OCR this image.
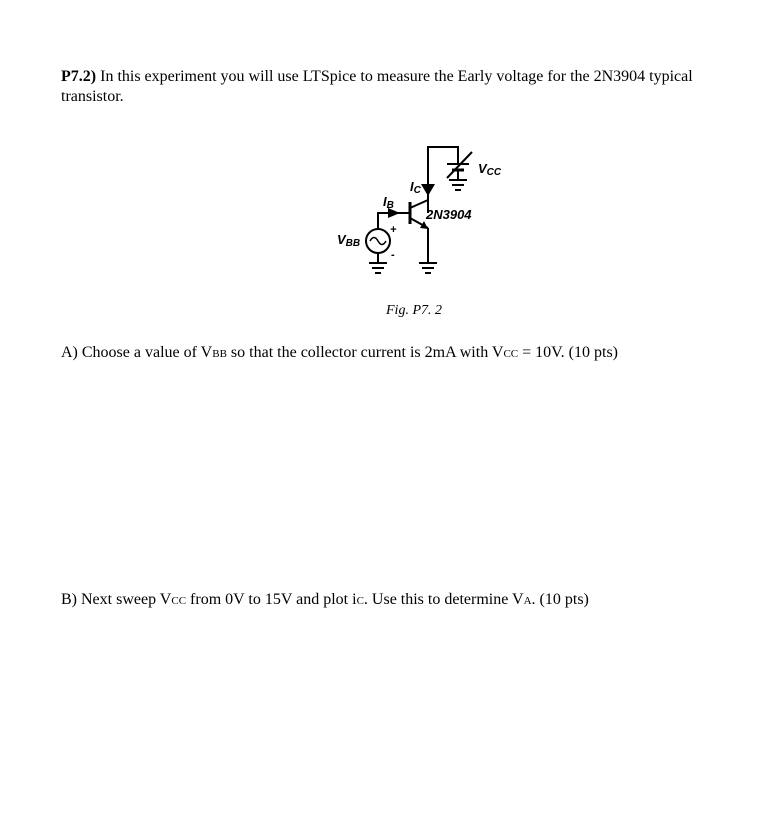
P7.2) In this experiment you will use LTSpice to measure the Early voltage for the 2N3904 typical transistor.
VCC
IC
IB
2N3904
VBB
+
-
Fig. P7. 2
A) Choose a value of VBB so that the collector current is 2mA with VCC = 10V. (10 pts)
B) Next sweep VCC from 0V to 15V and plot iC. Use this to determine VA. (10 pts)
